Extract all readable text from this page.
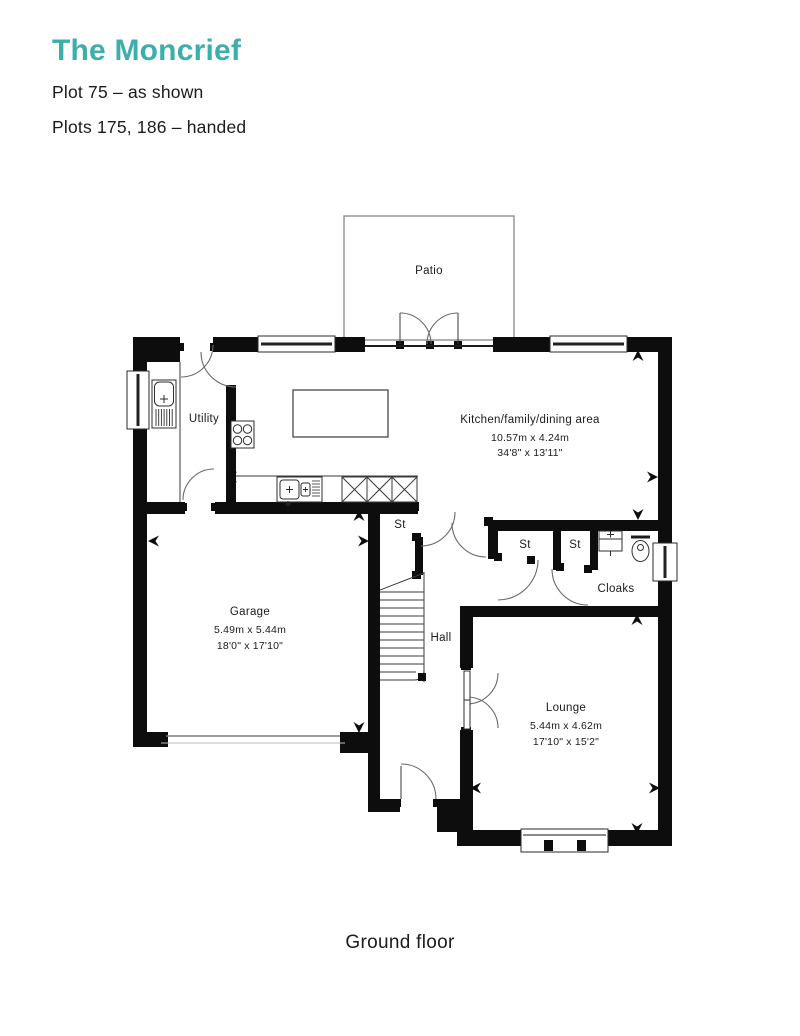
The Moncrief
Plot 75 – as shown
Plots 175, 186 – handed
Patio
Utility	Kitchen/family/dining area
10.57m x 4.24m
34'8" x 13'11"
Garage
5.49m x 5.44m
18'0" x 17'10"
Hall
St
St	St
Cloaks
Lounge
5.44m x 4.62m
17'10" x 15'2"
Ground floor
